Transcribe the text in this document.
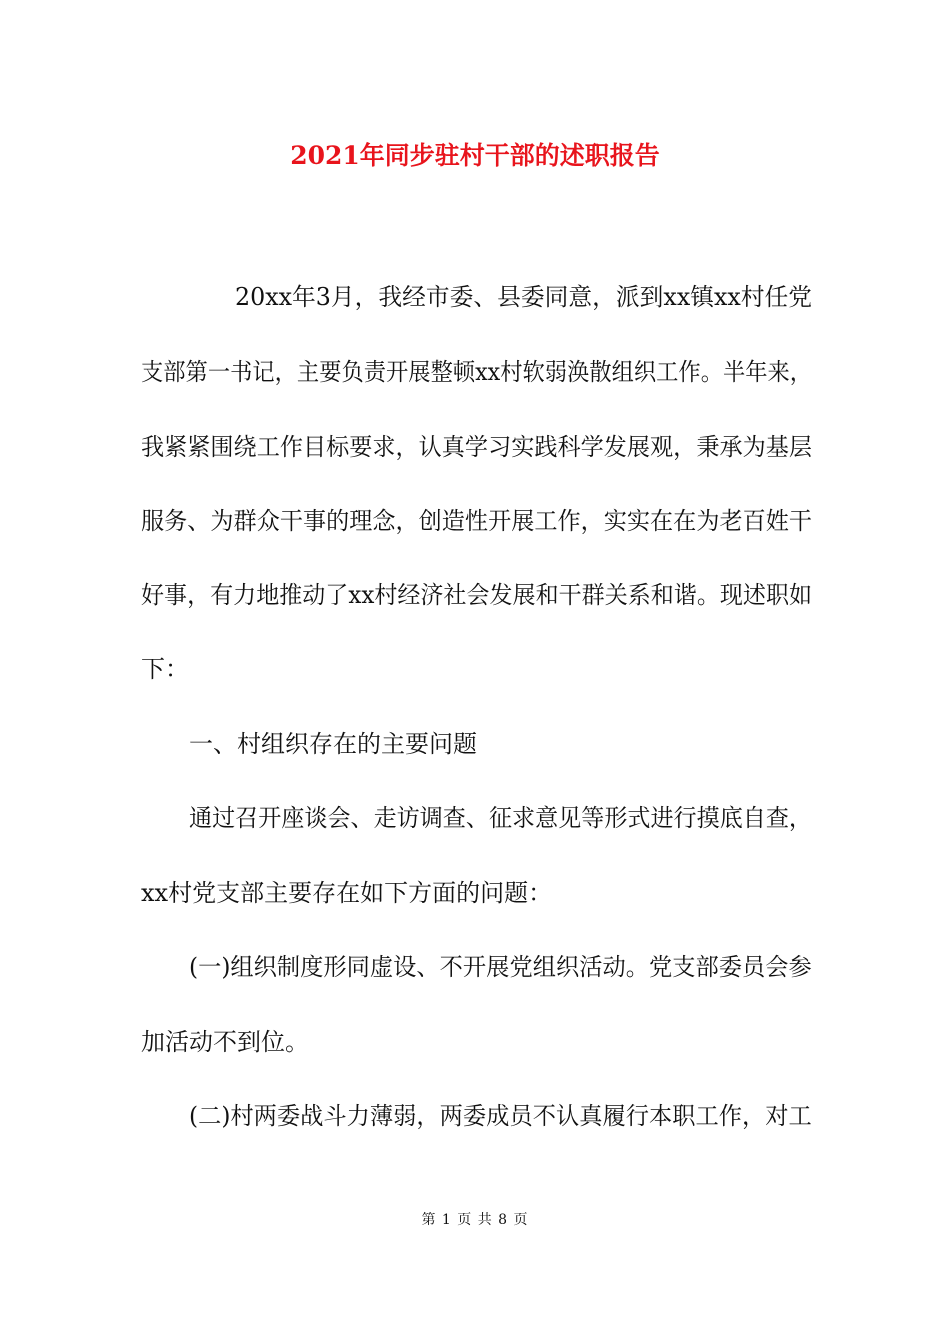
2021年同步驻村干部的述职报告
20xx年3月，我经市委、县委同意，派到xx镇xx村任党
支部第一书记，主要负责开展整顿xx村软弱涣散组织工作。半年来，
我紧紧围绕工作目标要求，认真学习实践科学发展观，秉承为基层
服务、为群众干事的理念，创造性开展工作，实实在在为老百姓干
好事，有力地推动了xx村经济社会发展和干群关系和谐。现述职如
下：
一、村组织存在的主要问题
通过召开座谈会、走访调查、征求意见等形式进行摸底自查，
xx村党支部主要存在如下方面的问题：
(一)组织制度形同虚设、不开展党组织活动。党支部委员会参
加活动不到位。
(二)村两委战斗力薄弱，两委成员不认真履行本职工作，对工
第 1 页 共 8 页
